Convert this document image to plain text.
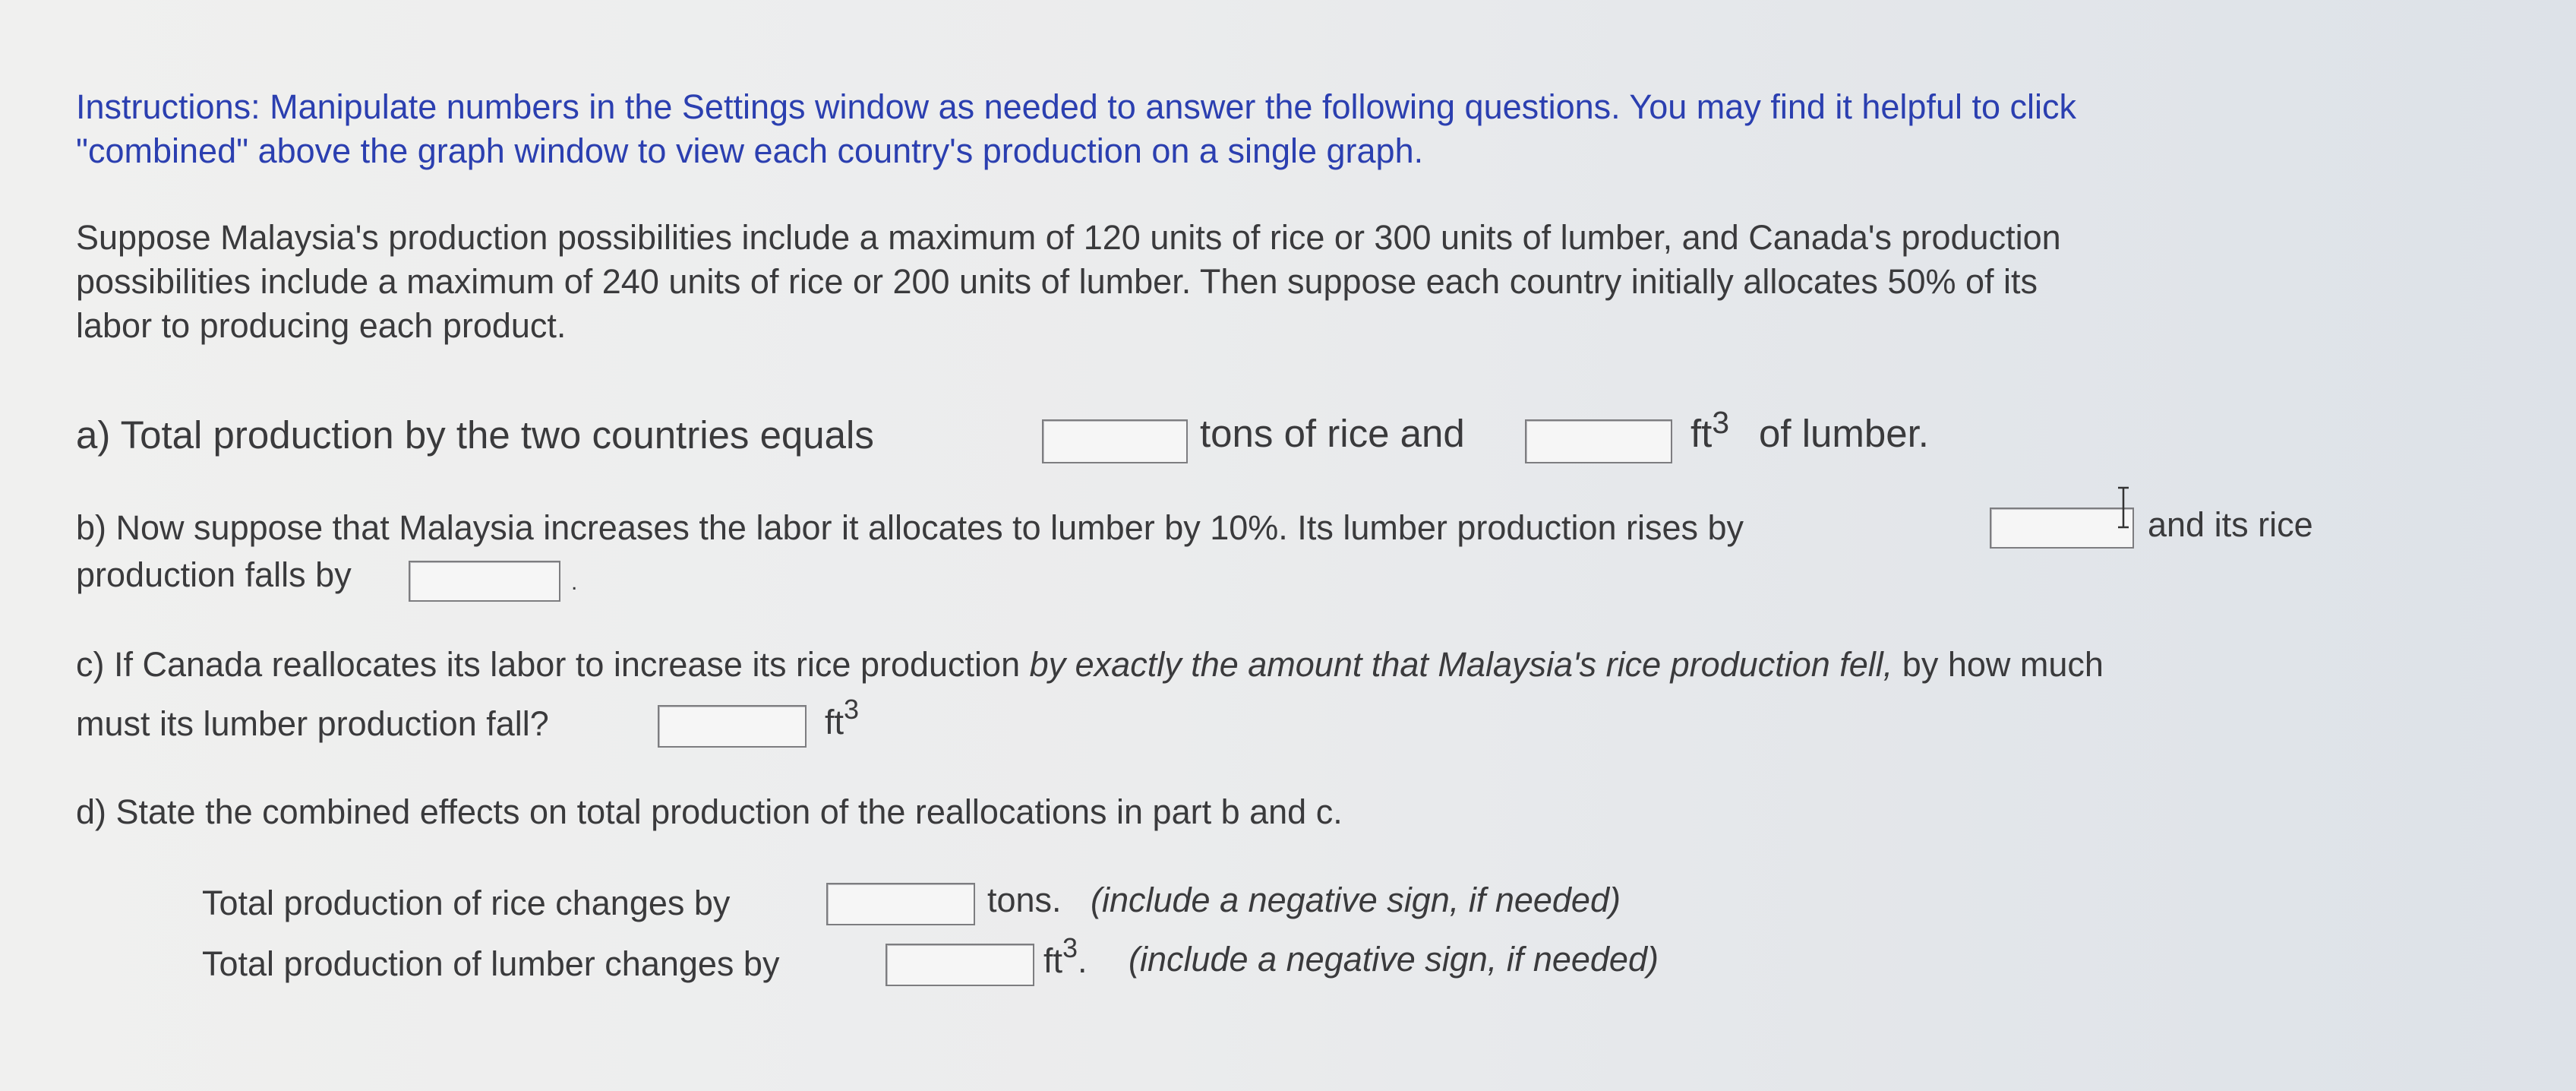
Instructions: Manipulate numbers in the Settings window as needed to answer the following questions. You may find it helpful to click
"combined" above the graph window to view each country's production on a single graph.
Suppose Malaysia's production possibilities include a maximum of 120 units of rice or 300 units of lumber, and Canada's production
possibilities include a maximum of 240 units of rice or 200 units of lumber. Then suppose each country initially allocates 50% of its
labor to producing each product.
a) Total production by the two countries equals	tons of rice and	$ft^3$ of lumber.
b) Now suppose that Malaysia increases the labor it allocates to lumber by 10%. Its lumber production rises by	and its rice
production falls by	.
c) If Canada reallocates its labor to increase its rice production by exactly the amount that Malaysia's rice production fell, by how much
must its lumber production fall?	$ft^3$
d) State the combined effects on total production of the reallocations in part b and c.
Total production of rice changes by	tons. (include a negative sign, if needed)
Total production of lumber changes by	$ft^3$. (include a negative sign, if needed)
